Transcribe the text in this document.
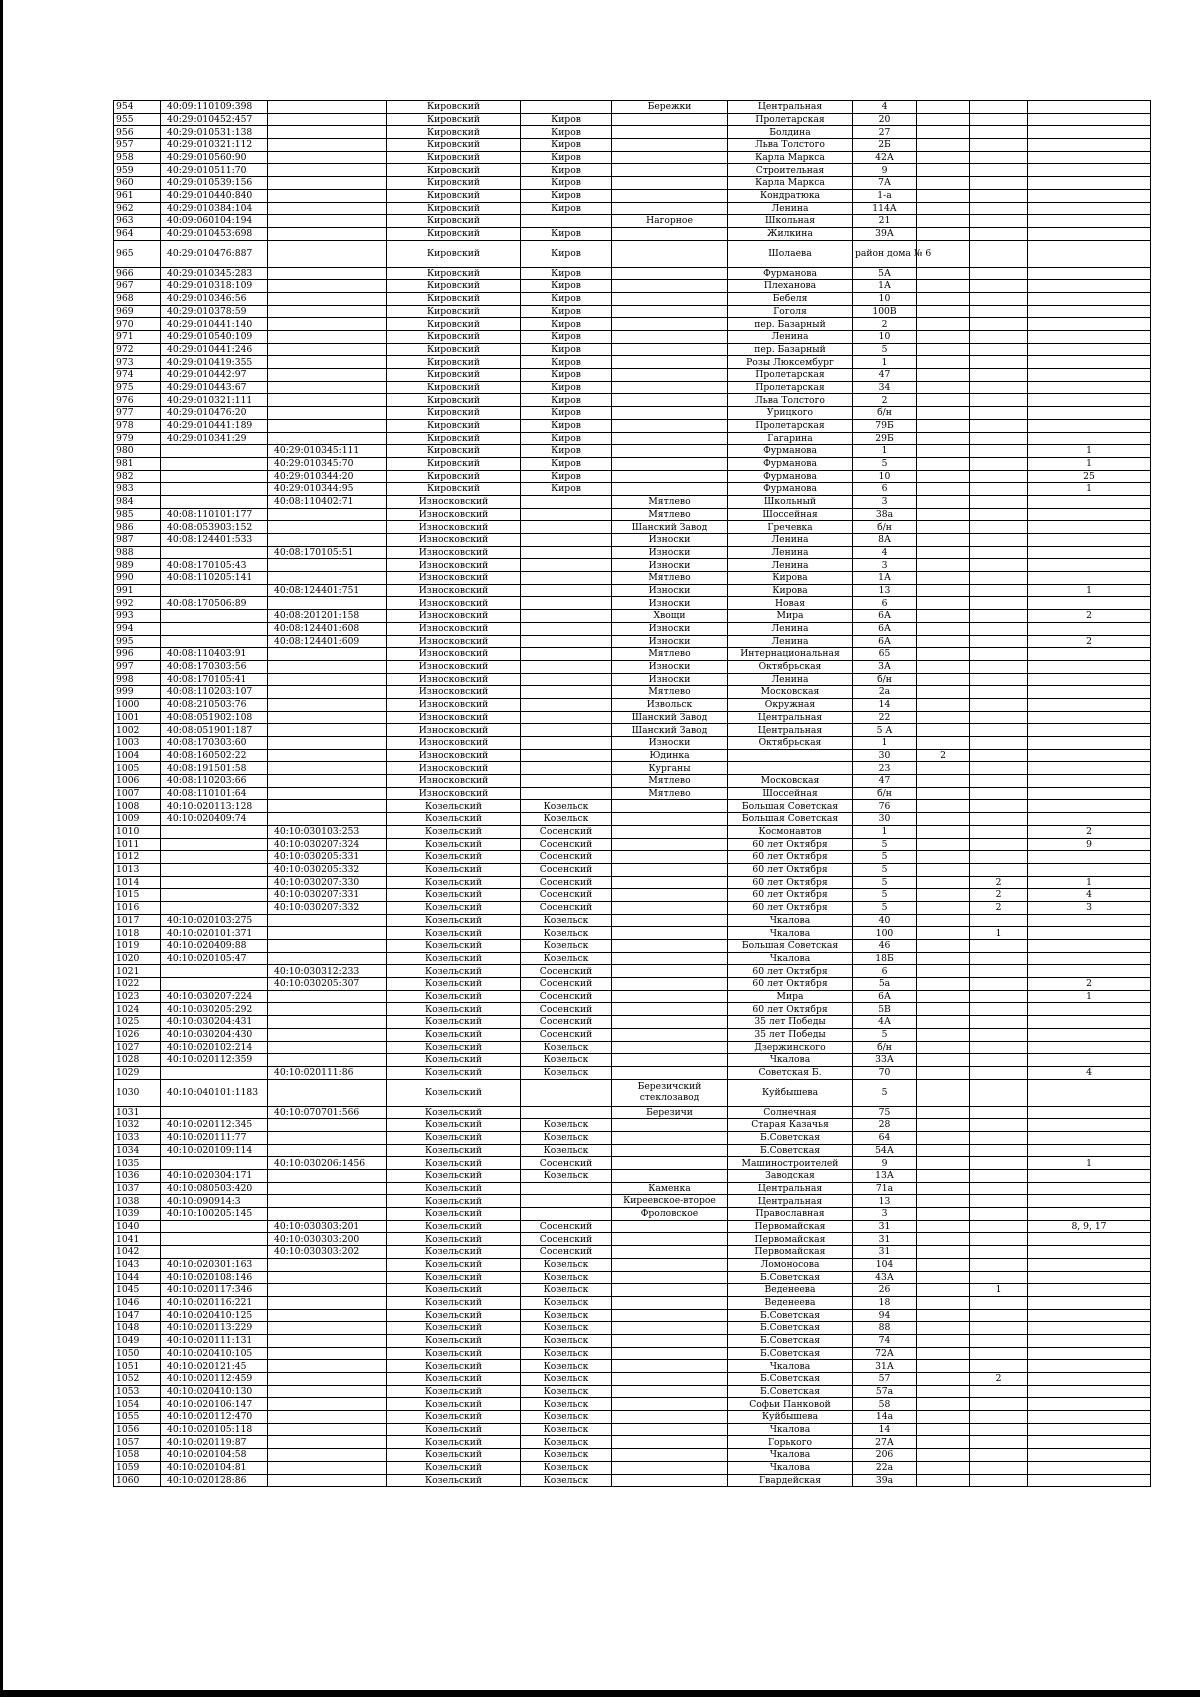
954	40:09:110109:398		Кировский		Бережки	Центральная	4			
955	40:29:010452:457		Кировский	Киров		Пролетарская	20			
956	40:29:010531:138		Кировский	Киров		Болдина	27			
957	40:29:010321:112		Кировский	Киров		Льва Толстого	2Б			
958	40:29:010560:90		Кировский	Киров		Карла Маркса	42А			
959	40:29:010511:70		Кировский	Киров		Строительная	9			
960	40:29:010539:156		Кировский	Киров		Карла Маркса	7А			
961	40:29:010440:840		Кировский	Киров		Кондратюка	1-а			
962	40:29:010384:104		Кировский	Киров		Ленина	114А			
963	40:09:060104:194		Кировский		Нагорное	Школьная	21			
964	40:29:010453:698		Кировский	Киров		Жилкина	39А			
965	40:29:010476:887		Кировский	Киров		Шолаева	район дома № 6			
966	40:29:010345:283		Кировский	Киров		Фурманова	5А			
967	40:29:010318:109		Кировский	Киров		Плеханова	1А			
968	40:29:010346:56		Кировский	Киров		Бебеля	10			
969	40:29:010378:59		Кировский	Киров		Гоголя	100В			
970	40:29:010441:140		Кировский	Киров		пер. Базарный	2			
971	40:29:010540:109		Кировский	Киров		Ленина	10			
972	40:29:010441:246		Кировский	Киров		пер. Базарный	5			
973	40:29:010419:355		Кировский	Киров		Розы Люксембург	1			
974	40:29:010442:97		Кировский	Киров		Пролетарская	47			
975	40:29:010443:67		Кировский	Киров		Пролетарская	34			
976	40:29:010321:111		Кировский	Киров		Льва Толстого	2			
977	40:29:010476:20		Кировский	Киров		Урицкого	б/н			
978	40:29:010441:189		Кировский	Киров		Пролетарская	79Б			
979	40:29:010341:29		Кировский	Киров		Гагарина	29Б			
980		40:29:010345:111	Кировский	Киров		Фурманова	1			1
981		40:29:010345:70	Кировский	Киров		Фурманова	5			1
982		40:29:010344:20	Кировский	Киров		Фурманова	10			25
983		40:29:010344:95	Кировский	Киров		Фурманова	6			1
984		40:08:110402:71	Износковский		Мятлево	Школьный	3			
985	40:08:110101:177		Износковский		Мятлево	Шоссейная	38а			
986	40:08:053903:152		Износковский		Шанский Завод	Гречевка	б/н			
987	40:08:124401:533		Износковский		Износки	Ленина	8А			
988		40:08:170105:51	Износковский		Износки	Ленина	4			
989	40:08:170105:43		Износковский		Износки	Ленина	3			
990	40:08:110205:141		Износковский		Мятлево	Кирова	1А			
991		40:08:124401:751	Износковский		Износки	Кирова	13			1
992	40:08:170506:89		Износковский		Износки	Новая	6			
993		40:08:201201:158	Износковский		Хвощи	Мира	6А			2
994		40:08:124401:608	Износковский		Износки	Ленина	6А			
995		40:08:124401:609	Износковский		Износки	Ленина	6А			2
996	40:08:110403:91		Износковский		Мятлево	Интернациональная	65			
997	40:08:170303:56		Износковский		Износки	Октябрьская	3А			
998	40:08:170105:41		Износковский		Износки	Ленина	б/н			
999	40:08:110203:107		Износковский		Мятлево	Московская	2а			
1000	40:08:210503:76		Износковский		Извольск	Окружная	14			
1001	40:08:051902:108		Износковский		Шанский Завод	Центральная	22			
1002	40:08:051901:187		Износковский		Шанский Завод	Центральная	5 А			
1003	40:08:170303:60		Износковский		Износки	Октябрьская	1			
1004	40:08:160502:22		Износковский		Юдинка		30	2		
1005	40:08:191501:58		Износковский		Курганы		23			
1006	40:08:110203:66		Износковский		Мятлево	Московская	47			
1007	40:08:110101:64		Износковский		Мятлево	Шоссейная	б/н			
1008	40:10:020113:128		Козельский	Козельск		Большая Советская	76			
1009	40:10:020409:74		Козельский	Козельск		Большая Советская	30			
1010		40:10:030103:253	Козельский	Сосенский		Космонавтов	1			2
1011		40:10:030207:324	Козельский	Сосенский		60 лет Октября	5			9
1012		40:10:030205:331	Козельский	Сосенский		60 лет Октября	5			
1013		40:10:030205:332	Козельский	Сосенский		60 лет Октября	5			
1014		40:10:030207:330	Козельский	Сосенский		60 лет Октября	5		2	1
1015		40:10:030207:331	Козельский	Сосенский		60 лет Октября	5		2	4
1016		40:10:030207:332	Козельский	Сосенский		60 лет Октября	5		2	3
1017	40:10:020103:275		Козельский	Козельск		Чкалова	40			
1018	40:10:020101:371		Козельский	Козельск		Чкалова	100		1	
1019	40:10:020409:88		Козельский	Козельск		Большая Советская	46			
1020	40:10:020105:47		Козельский	Козельск		Чкалова	18Б			
1021		40:10:030312:233	Козельский	Сосенский		60 лет Октября	6			
1022		40:10:030205:307	Козельский	Сосенский		60 лет Октября	5а			2
1023	40:10:030207:224		Козельский	Сосенский		Мира	6А			1
1024	40:10:030205:292		Козельский	Сосенский		60 лет Октября	5В			
1025	40:10:030204:431		Козельский	Сосенский		35 лет Победы	4А			
1026	40:10:030204:430		Козельский	Сосенский		35 лет Победы	5			
1027	40:10:020102:214		Козельский	Козельск		Дзержинского	б/н			
1028	40:10:020112:359		Козельский	Козельск		Чкалова	33А			
1029		40:10:020111:86	Козельский	Козельск		Советская Б.	70			4
1030	40:10:040101:1183		Козельский		Березичский стеклозавод	Куйбышева	5			
1031		40:10:070701:566	Козельский		Березичи	Солнечная	75			
1032	40:10:020112:345		Козельский	Козельск		Старая Казачья	28			
1033	40:10:020111:77		Козельский	Козельск		Б.Советская	64			
1034	40:10:020109:114		Козельский	Козельск		Б.Советская	54А			
1035		40:10:030206:1456	Козельский	Сосенский		Машиностроителей	9			1
1036	40:10:020304:171		Козельский	Козельск		Заводская	13А			
1037	40:10:080503:420		Козельский		Каменка	Центральная	71а			
1038	40:10:090914:3		Козельский		Киреевское-второе	Центральная	13			
1039	40:10:100205:145		Козельский		Фроловское	Православная	3			
1040		40:10:030303:201	Козельский	Сосенский		Первомайская	31			8, 9, 17
1041		40:10:030303:200	Козельский	Сосенский		Первомайская	31			
1042		40:10:030303:202	Козельский	Сосенский		Первомайская	31			
1043	40:10:020301:163		Козельский	Козельск		Ломоносова	104			
1044	40:10:020108:146		Козельский	Козельск		Б.Советская	43А			
1045	40:10:020117:346		Козельский	Козельск		Веденеева	26		1	
1046	40:10:020116:221		Козельский	Козельск		Веденеева	18			
1047	40:10:020410:125		Козельский	Козельск		Б.Советская	94			
1048	40:10:020113:229		Козельский	Козельск		Б.Советская	88			
1049	40:10:020111:131		Козельский	Козельск		Б.Советская	74			
1050	40:10:020410:105		Козельский	Козельск		Б.Советская	72А			
1051	40:10:020121:45		Козельский	Козельск		Чкалова	31А			
1052	40:10:020112:459		Козельский	Козельск		Б.Советская	57		2	
1053	40:10:020410:130		Козельский	Козельск		Б.Советская	57а			
1054	40:10:020106:147		Козельский	Козельск		Софьи Панковой	58			
1055	40:10:020112:470		Козельский	Козельск		Куйбышева	14а			
1056	40:10:020105:118		Козельский	Козельск		Чкалова	14			
1057	40:10:020119:87		Козельский	Козельск		Горького	27А			
1058	40:10:020104:58		Козельский	Козельск		Чкалова	206			
1059	40:10:020104:81		Козельский	Козельск		Чкалова	22а			
1060	40:10:020128:86		Козельский	Козельск		Гвардейская	39а			
